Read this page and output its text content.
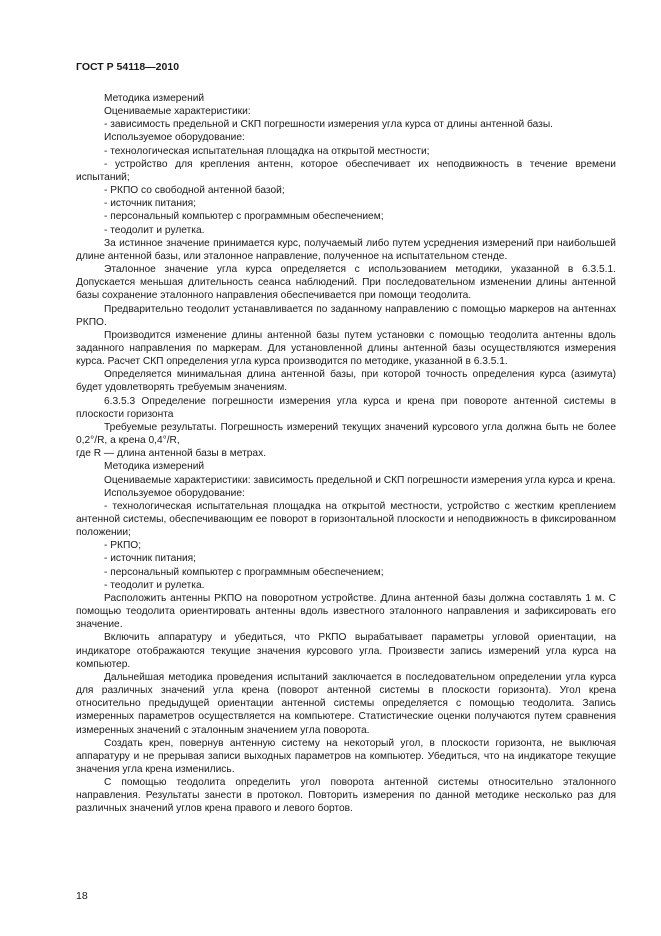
ГОСТ Р 54118—2010

Методика измерений

Оцениваемые характеристики:

- зависимость предельной и СКП погрешности измерения угла курса от длины антенной базы.

Используемое оборудование:

- технологическая испытательная площадка на открытой местности;

- устройство для крепления антенн, которое обеспечивает их неподвижность в течение времени испытаний;

- РКПО со свободной антенной базой;

- источник питания;

- персональный компьютер с программным обеспечением;

- теодолит и рулетка.

За истинное значение принимается курс, получаемый либо путем усреднения измерений при наибольшей длине антенной базы, или эталонное направление, полученное на испытательном стенде.

Эталонное значение угла курса определяется с использованием методики, указанной в 6.3.5.1. Допускается меньшая длительность сеанса наблюдений. При последовательном изменении длины антенной базы сохранение эталонного направления обеспечивается при помощи теодолита.

Предварительно теодолит устанавливается по заданному направлению с помощью маркеров на антеннах РКПО.

Производится изменение длины антенной базы путем установки с помощью теодолита антенны вдоль заданного направления по маркерам. Для установленной длины антенной базы осуществляются измерения курса. Расчет СКП определения угла курса производится по методике, указанной в 6.3.5.1.

Определяется минимальная длина антенной базы, при которой точность определения курса (азимута) будет удовлетворять требуемым значениям.

6.3.5.3 Определение погрешности измерения угла курса и крена при повороте антенной системы в плоскости горизонта

Требуемые результаты. Погрешность измерений текущих значений курсового угла должна быть не более 0,2°/R, а крена 0,4°/R,

где R — длина антенной базы в метрах.

Методика измерений

Оцениваемые характеристики: зависимость предельной и СКП погрешности измерения угла курса и крена.

Используемое оборудование:

- технологическая испытательная площадка на открытой местности, устройство с жестким креплением антенной системы, обеспечивающим ее поворот в горизонтальной плоскости и неподвижность в фиксированном положении;

- РКПО;

- источник питания;

- персональный компьютер с программным обеспечением;

- теодолит и рулетка.

Расположить антенны РКПО на поворотном устройстве. Длина антенной базы должна составлять 1 м. С помощью теодолита ориентировать антенны вдоль известного эталонного направления и зафиксировать его значение.

Включить аппаратуру и убедиться, что РКПО вырабатывает параметры угловой ориентации, на индикаторе отображаются текущие значения курсового угла. Произвести запись измерений угла курса на компьютер.

Дальнейшая методика проведения испытаний заключается в последовательном определении угла курса для различных значений угла крена (поворот антенной системы в плоскости горизонта). Угол крена относительно предыдущей ориентации антенной системы определяется с помощью теодолита. Запись измеренных параметров осуществляется на компьютере. Статистические оценки получаются путем сравнения измеренных значений с эталонным значением угла поворота.

Создать крен, повернув антенную систему на некоторый угол, в плоскости горизонта, не выключая аппаратуру и не прерывая записи выходных параметров на компьютер. Убедиться, что на индикаторе текущие значения угла крена изменились.

С помощью теодолита определить угол поворота антенной системы относительно эталонного направления. Результаты занести в протокол. Повторить измерения по данной методике несколько раз для различных значений углов крена правого и левого бортов.

18
